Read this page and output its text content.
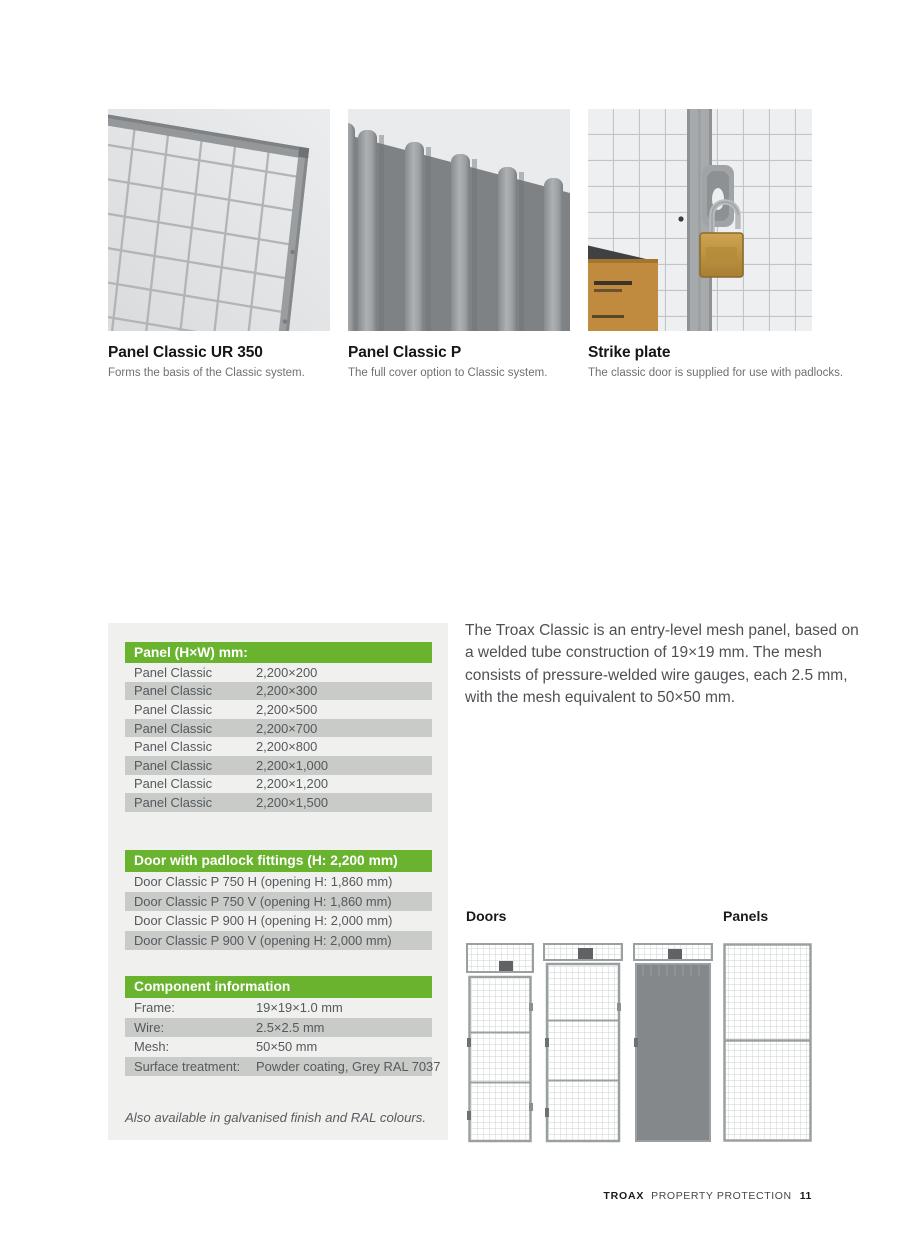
Panel Classic UR 350
Forms the basis of the Classic system.
Panel Classic P
The full cover option to Classic system.
Strike plate
The classic door is supplied for use with padlocks.
Panel (H×W) mm:
Panel Classic	2,200×200
Panel Classic	2,200×300
Panel Classic	2,200×500
Panel Classic	2,200×700
Panel Classic	2,200×800
Panel Classic	2,200×1,000
Panel Classic	2,200×1,200
Panel Classic	2,200×1,500
Door with padlock fittings (H: 2,200 mm)
Door Classic P 750 H (opening H: 1,860 mm)
Door Classic P 750 V (opening H: 1,860 mm)
Door Classic P 900 H (opening H: 2,000 mm)
Door Classic P 900 V (opening H: 2,000 mm)
Component information
Frame:	19×19×1.0 mm
Wire:	2.5×2.5 mm
Mesh:	50×50 mm
Surface treatment:	Powder coating, Grey RAL 7037
Also available in galvanised finish and RAL colours.

The Troax Classic is an entry-level mesh panel, based on a welded tube construction of 19×19 mm. The mesh consists of pressure-welded wire gauges, each 2.5 mm, with the mesh equivalent to 50×50 mm.

Doors	Panels
TROAX PROPERTY PROTECTION 11
